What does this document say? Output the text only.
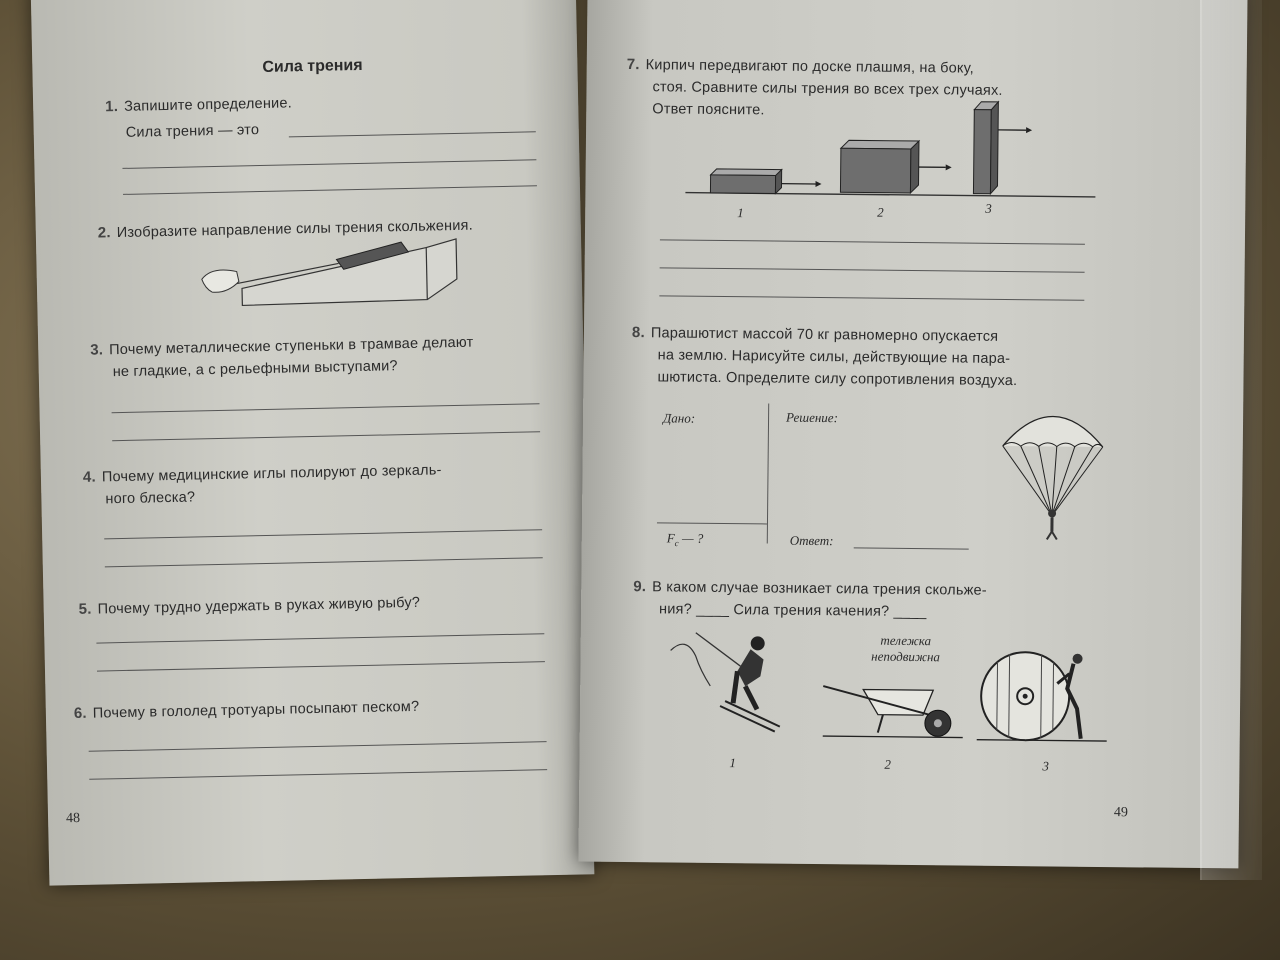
Сила трения
1. Запишите определение.
Сила трения — это
2. Изобразите направление силы трения скольжения.
3. Почему металлические ступеньки в трамвае делают
не гладкие, а с рельефными выступами?
4. Почему медицинские иглы полируют до зеркаль-
ного блеска?
5. Почему трудно удержать в руках живую рыбу?
6. Почему в гололед тротуары посыпают песком?
48
7. Кирпич передвигают по доске плашмя, на боку,
стоя. Сравните силы трения во всех трех случаях.
Ответ поясните.
1	2	3
8. Парашютист массой 70 кг равномерно опускается
на землю. Нарисуйте силы, действующие на пара-
шютиста. Определите силу сопротивления воздуха.
Дано:	Решение:
$F_c$ — ?	Ответ:
9. В каком случае возникает сила трения скольже-
ния? ____ Сила трения качения? ____
тележка
неподвижна
1	2	3
49
